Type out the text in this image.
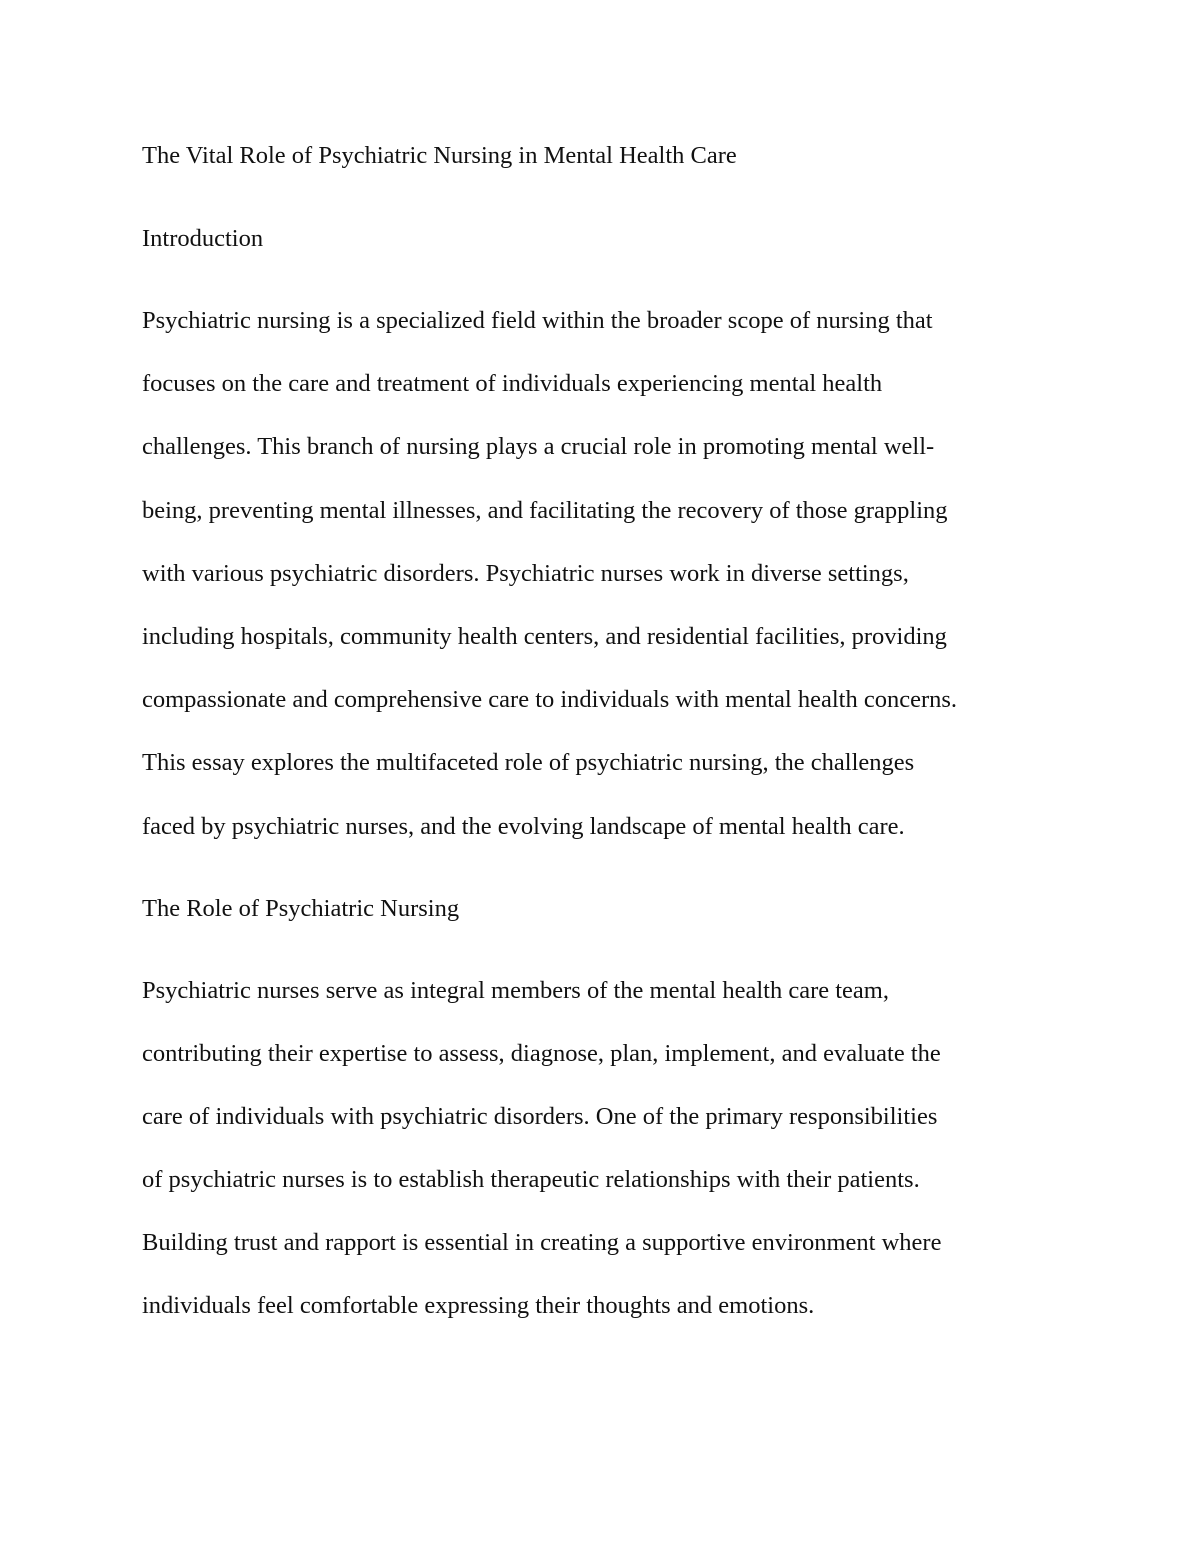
The Vital Role of Psychiatric Nursing in Mental Health Care

Introduction

Psychiatric nursing is a specialized field within the broader scope of nursing that

focuses on the care and treatment of individuals experiencing mental health

challenges. This branch of nursing plays a crucial role in promoting mental well-

being, preventing mental illnesses, and facilitating the recovery of those grappling

with various psychiatric disorders. Psychiatric nurses work in diverse settings,

including hospitals, community health centers, and residential facilities, providing

compassionate and comprehensive care to individuals with mental health concerns.

This essay explores the multifaceted role of psychiatric nursing, the challenges

faced by psychiatric nurses, and the evolving landscape of mental health care.

The Role of Psychiatric Nursing

Psychiatric nurses serve as integral members of the mental health care team,

contributing their expertise to assess, diagnose, plan, implement, and evaluate the

care of individuals with psychiatric disorders. One of the primary responsibilities

of psychiatric nurses is to establish therapeutic relationships with their patients.

Building trust and rapport is essential in creating a supportive environment where

individuals feel comfortable expressing their thoughts and emotions.
